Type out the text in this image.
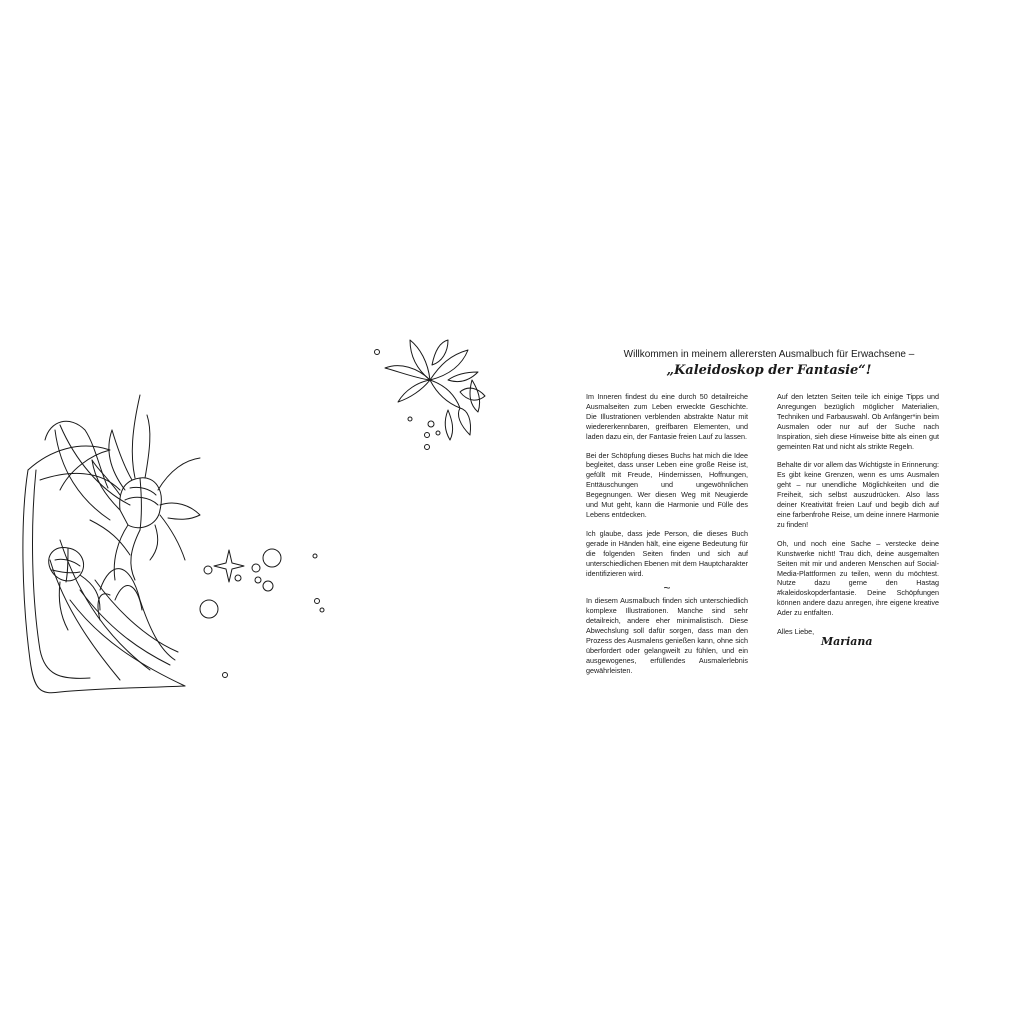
Willkommen in meinem allerersten Ausmalbuch für Erwachsene –
„Kaleidoskop der Fantasie“!

Im Inneren findest du eine durch 50 detailreiche Ausmalseiten zum Leben erweckte Geschichte. Die Illustrationen verblenden abstrakte Natur mit wiedererkennbaren, greifbaren Elementen, und laden dazu ein, der Fantasie freien Lauf zu lassen.

Bei der Schöpfung dieses Buchs hat mich die Idee begleitet, dass unser Leben eine große Reise ist, gefüllt mit Freude, Hindernissen, Hoffnungen, Enttäuschungen und ungewöhnlichen Begegnungen. Wer diesen Weg mit Neugierde und Mut geht, kann die Harmonie und Fülle des Lebens entdecken.

Ich glaube, dass jede Person, die dieses Buch gerade in Händen hält, eine eigene Bedeutung für die folgenden Seiten finden und sich auf unterschiedlichen Ebenen mit dem Hauptcharakter identifizieren wird.

~

In diesem Ausmalbuch finden sich unterschiedlich komplexe Illustrationen. Manche sind sehr detailreich, andere eher minimalistisch. Diese Abwechslung soll dafür sorgen, dass man den Prozess des Ausmalens genießen kann, ohne sich überfordert oder gelangweilt zu fühlen, und ein ausgewogenes, erfüllendes Ausmalerlebnis gewährleisten.

Auf den letzten Seiten teile ich einige Tipps und Anregungen bezüglich möglicher Materialien, Techniken und Farbauswahl. Ob Anfänger*in beim Ausmalen oder nur auf der Suche nach Inspiration, sieh diese Hinweise bitte als einen gut gemeinten Rat und nicht als strikte Regeln.

Behalte dir vor allem das Wichtigste in Erinnerung: Es gibt keine Grenzen, wenn es ums Ausmalen geht – nur unendliche Möglichkeiten und die Freiheit, sich selbst auszudrücken. Also lass deiner Kreativität freien Lauf und begib dich auf eine farbenfrohe Reise, um deine innere Harmonie zu finden!

Oh, und noch eine Sache – verstecke deine Kunstwerke nicht! Trau dich, deine ausgemalten Seiten mit mir und anderen Menschen auf Social-Media-Plattformen zu teilen, wenn du möchtest. Nutze dazu gerne den Hastag #kaleidoskopderfantasie. Deine Schöpfungen können andere dazu anregen, ihre eigene kreative Ader zu entfalten.

Alles Liebe,

Mariana
